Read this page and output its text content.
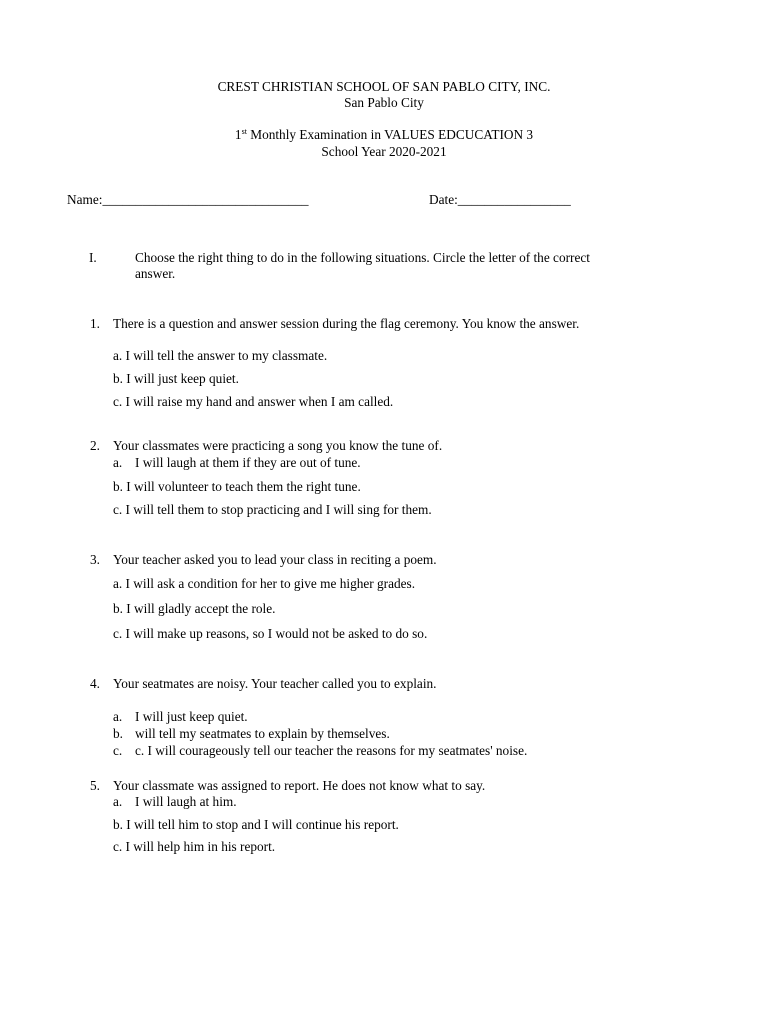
CREST CHRISTIAN SCHOOL OF SAN PABLO CITY, INC.
San Pablo City
1st Monthly Examination in VALUES EDCUCATION 3
School Year 2020-2021
Name:_______________________________	Date:_________________
I.	Choose the right thing to do in the following situations. Circle the letter of the correct
answer.
1. There is a question and answer session during the flag ceremony. You know the answer.
a. I will tell the answer to my classmate.
b. I will just keep quiet.
c. I will raise my hand and answer when I am called.
2. Your classmates were practicing a song you know the tune of.
a. I will laugh at them if they are out of tune.
b. I will volunteer to teach them the right tune.
c. I will tell them to stop practicing and I will sing for them.
3. Your teacher asked you to lead your class in reciting a poem.
a. I will ask a condition for her to give me higher grades.
b. I will gladly accept the role.
c. I will make up reasons, so I would not be asked to do so.
4. Your seatmates are noisy. Your teacher called you to explain.
a. I will just keep quiet.
b. will tell my seatmates to explain by themselves.
c. c. I will courageously tell our teacher the reasons for my seatmates' noise.
5. Your classmate was assigned to report. He does not know what to say.
a. I will laugh at him.
b. I will tell him to stop and I will continue his report.
c. I will help him in his report.
